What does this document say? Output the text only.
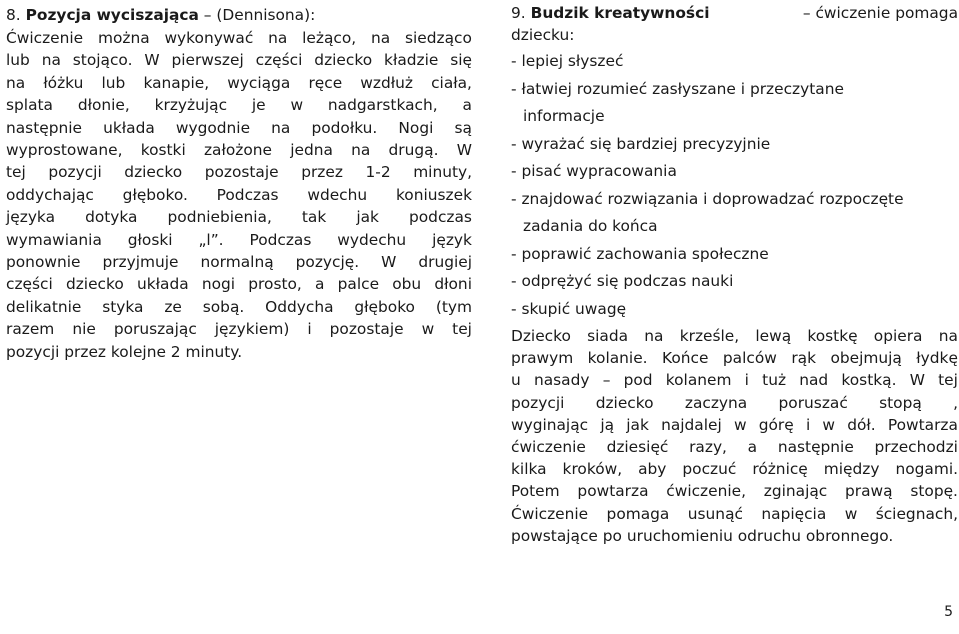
8. Pozycja wyciszająca – (Dennisona):

Ćwiczenie można wykonywać na leżąco, na siedząco

lub na stojąco. W pierwszej części dziecko kładzie się

na łóżku lub kanapie, wyciąga ręce wzdłuż ciała,

splata dłonie, krzyżując je w nadgarstkach, a

następnie układa wygodnie na podołku. Nogi są

wyprostowane, kostki założone jedna na drugą. W

tej pozycji dziecko pozostaje przez 1-2 minuty,

oddychając głęboko. Podczas wdechu koniuszek

języka dotyka podniebienia, tak jak podczas

wymawiania głoski „l”. Podczas wydechu język

ponownie przyjmuje normalną pozycję. W drugiej

części dziecko układa nogi prosto, a palce obu dłoni

delikatnie styka ze sobą. Oddycha głęboko (tym

razem nie poruszając językiem) i pozostaje w tej

pozycji przez kolejne 2 minuty.

9. Budzik kreatywności	– ćwiczenie pomaga

dziecku:

- lepiej słyszeć

- łatwiej rozumieć zasłyszane i przeczytane

informacje

- wyrażać się bardziej precyzyjnie

- pisać wypracowania

- znajdować rozwiązania i doprowadzać rozpoczęte

zadania do końca

- poprawić zachowania społeczne

- odprężyć się podczas nauki

- skupić uwagę

Dziecko siada na krześle, lewą kostkę opiera na

prawym kolanie. Końce palców rąk obejmują łydkę

u nasady – pod kolanem i tuż nad kostką. W tej

pozycji dziecko zaczyna poruszać stopą ,

wyginając ją jak najdalej w górę i w dół. Powtarza

ćwiczenie dziesięć razy, a następnie przechodzi

kilka kroków, aby poczuć różnicę między nogami.

Potem powtarza ćwiczenie, zginając prawą stopę.

Ćwiczenie pomaga usunąć napięcia w ściegnach,

powstające po uruchomieniu odruchu obronnego.

5
